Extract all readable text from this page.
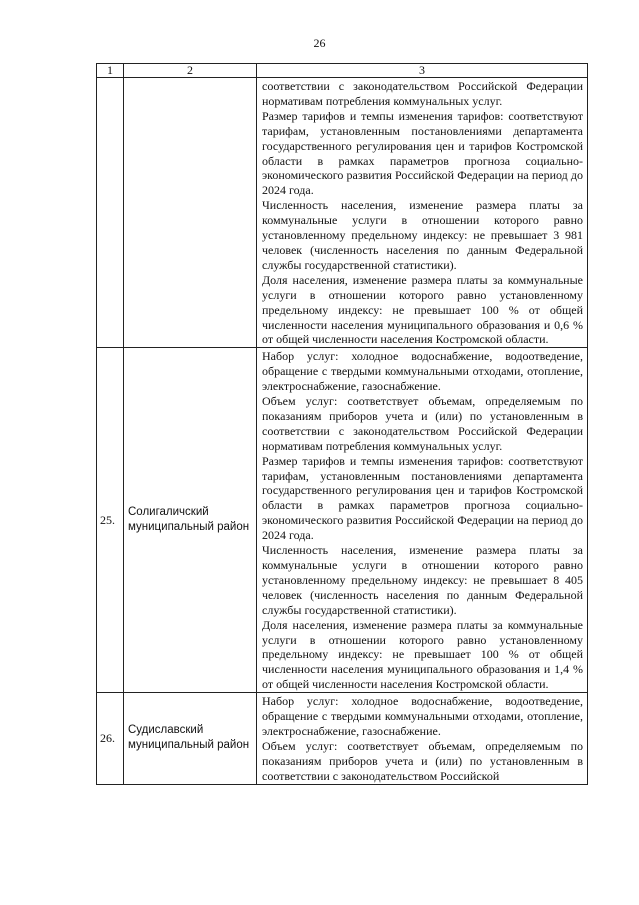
26
1	2	3

		соответствии с законодательством Российской Федерации нормативам потребления коммунальных услуг.

Размер тарифов и темпы изменения тарифов: соответствуют тарифам, установленным постановлениями департамента государственного регулирования цен и тарифов Костромской области в рамках параметров прогноза социально-экономического развития Российской Федерации на период до 2024 года.

Численность населения, изменение размера платы за коммунальные услуги в отношении которого равно установленному предельному индексу: не превышает 3 981 человек (численность населения по данным Федеральной службы государственной статистики).

Доля населения, изменение размера платы за коммунальные услуги в отношении которого равно установленному предельному индексу: не превышает 100 % от общей численности населения муниципального образования и 0,6 % от общей численности населения Костромской области.

25.	Солигаличский муниципальный район	Набор услуг: холодное водоснабжение, водоотведение, обращение с твердыми коммунальными отходами, отопление, электроснабжение, газоснабжение.

Объем услуг: соответствует объемам, определяемым по показаниям приборов учета и (или) по установленным в соответствии с законодательством Российской Федерации нормативам потребления коммунальных услуг.

Размер тарифов и темпы изменения тарифов: соответствуют тарифам, установленным постановлениями департамента государственного регулирования цен и тарифов Костромской области в рамках параметров прогноза социально-экономического развития Российской Федерации на период до 2024 года.

Численность населения, изменение размера платы за коммунальные услуги в отношении которого равно установленному предельному индексу: не превышает 8 405 человек (численность населения по данным Федеральной службы государственной статистики).

Доля населения, изменение размера платы за коммунальные услуги в отношении которого равно установленному предельному индексу: не превышает 100 % от общей численности населения муниципального образования и 1,4 % от общей численности населения Костромской области.

26.	Судиславский муниципальный район	Набор услуг: холодное водоснабжение, водоотведение, обращение с твердыми коммунальными отходами, отопление, электроснабжение, газоснабжение.

Объем услуг: соответствует объемам, определяемым по показаниям приборов учета и (или) по установленным в соответствии с законодательством Российской
